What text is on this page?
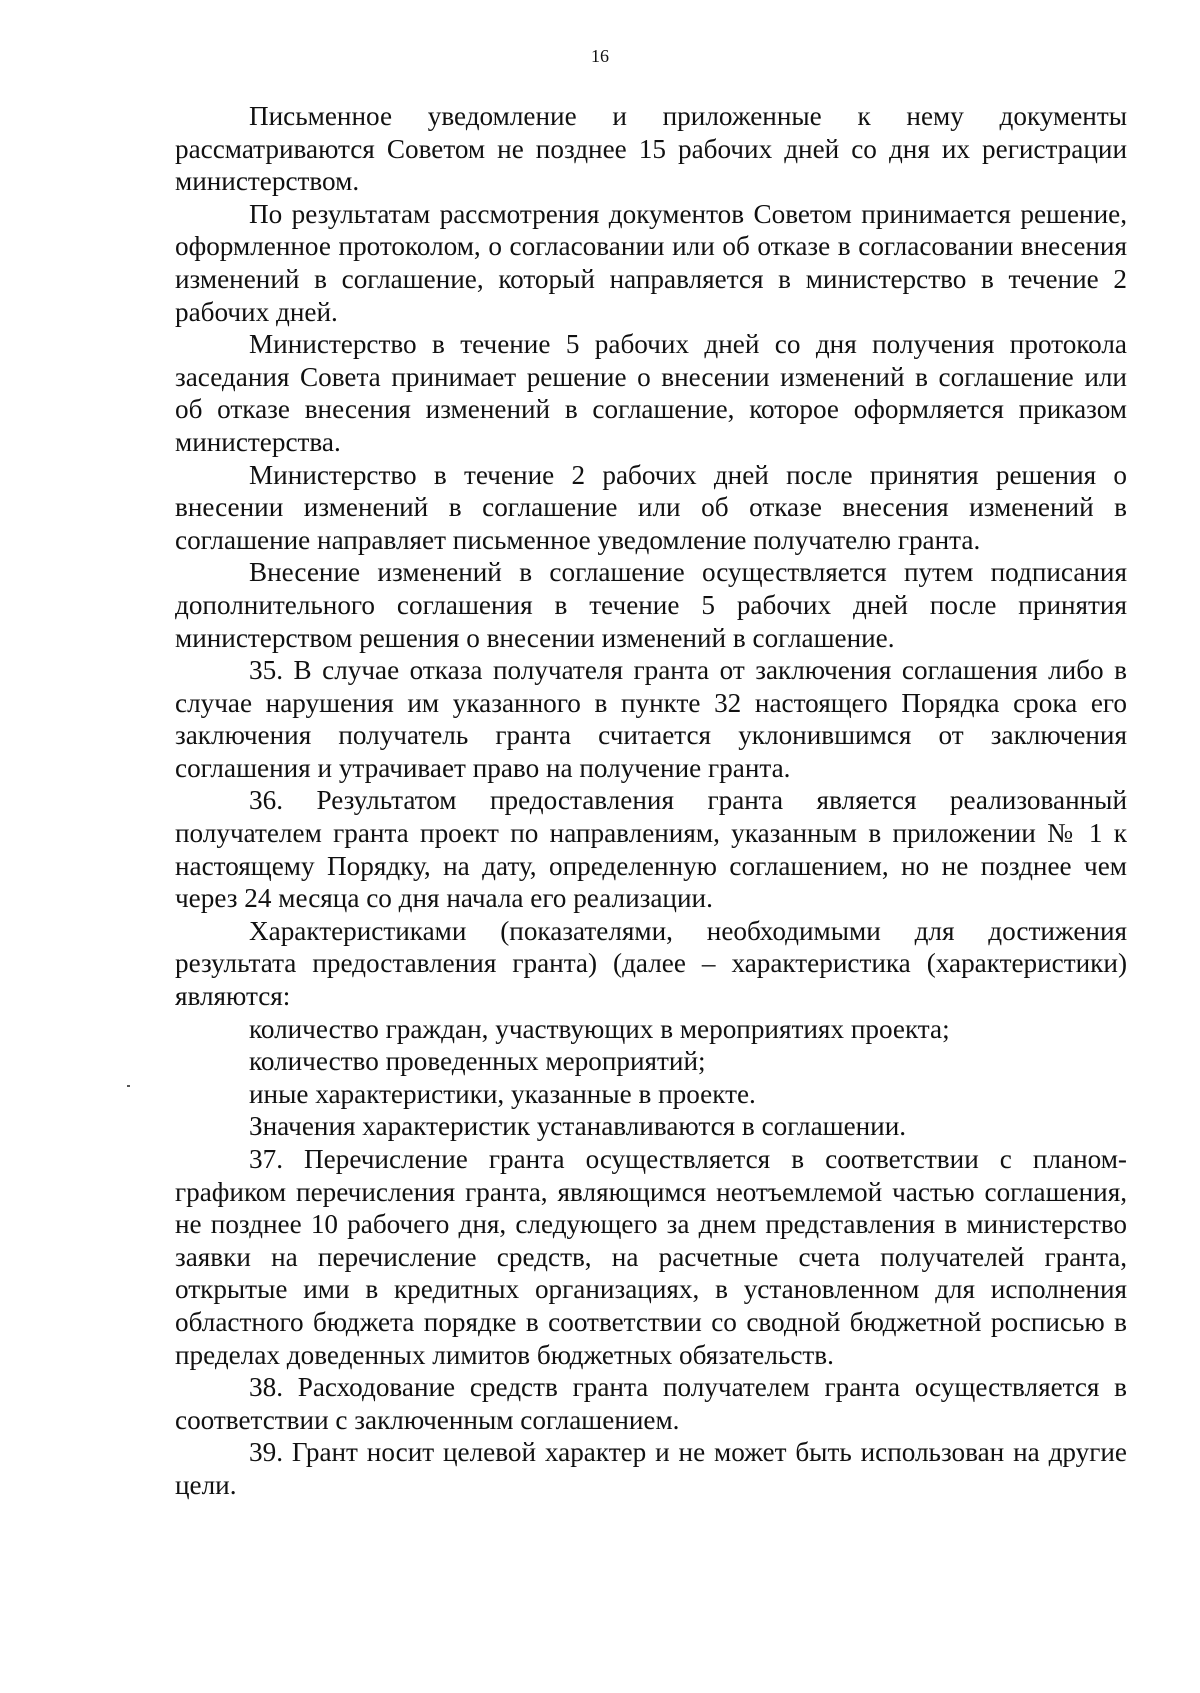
16

Письменное уведомление и приложенные к нему документы рассматриваются Советом не позднее 15 рабочих дней со дня их регистрации министерством.

По результатам рассмотрения документов Советом принимается решение, оформленное протоколом, о согласовании или об отказе в согласовании внесения изменений в соглашение, который направляется в министерство в течение 2 рабочих дней.

Министерство в течение 5 рабочих дней со дня получения протокола заседания Совета принимает решение о внесении изменений в соглашение или об отказе внесения изменений в соглашение, которое оформляется приказом министерства.

Министерство в течение 2 рабочих дней после принятия решения о внесении изменений в соглашение или об отказе внесения изменений в соглашение направляет письменное уведомление получателю гранта.

Внесение изменений в соглашение осуществляется путем подписания дополнительного соглашения в течение 5 рабочих дней после принятия министерством решения о внесении изменений в соглашение.

35. В случае отказа получателя гранта от заключения соглашения либо в случае нарушения им указанного в пункте 32 настоящего Порядка срока его заключения получатель гранта считается уклонившимся от заключения соглашения и утрачивает право на получение гранта.

36. Результатом предоставления гранта является реализованный получателем гранта проект по направлениям, указанным в приложении № 1 к настоящему Порядку, на дату, определенную соглашением, но не позднее чем через 24 месяца со дня начала его реализации.

Характеристиками (показателями, необходимыми для достижения результата предоставления гранта) (далее – характеристика (характеристики) являются:

количество граждан, участвующих в мероприятиях проекта;

количество проведенных мероприятий;

иные характеристики, указанные в проекте.

Значения характеристик устанавливаются в соглашении.

37. Перечисление гранта осуществляется в соответствии с планом-графиком перечисления гранта, являющимся неотъемлемой частью соглашения, не позднее 10 рабочего дня, следующего за днем представления в министерство заявки на перечисление средств, на расчетные счета получателей гранта, открытые ими в кредитных организациях, в установленном для исполнения областного бюджета порядке в соответствии со сводной бюджетной росписью в пределах доведенных лимитов бюджетных обязательств.

38. Расходование средств гранта получателем гранта осуществляется в соответствии с заключенным соглашением.

39. Грант носит целевой характер и не может быть использован на другие цели.
